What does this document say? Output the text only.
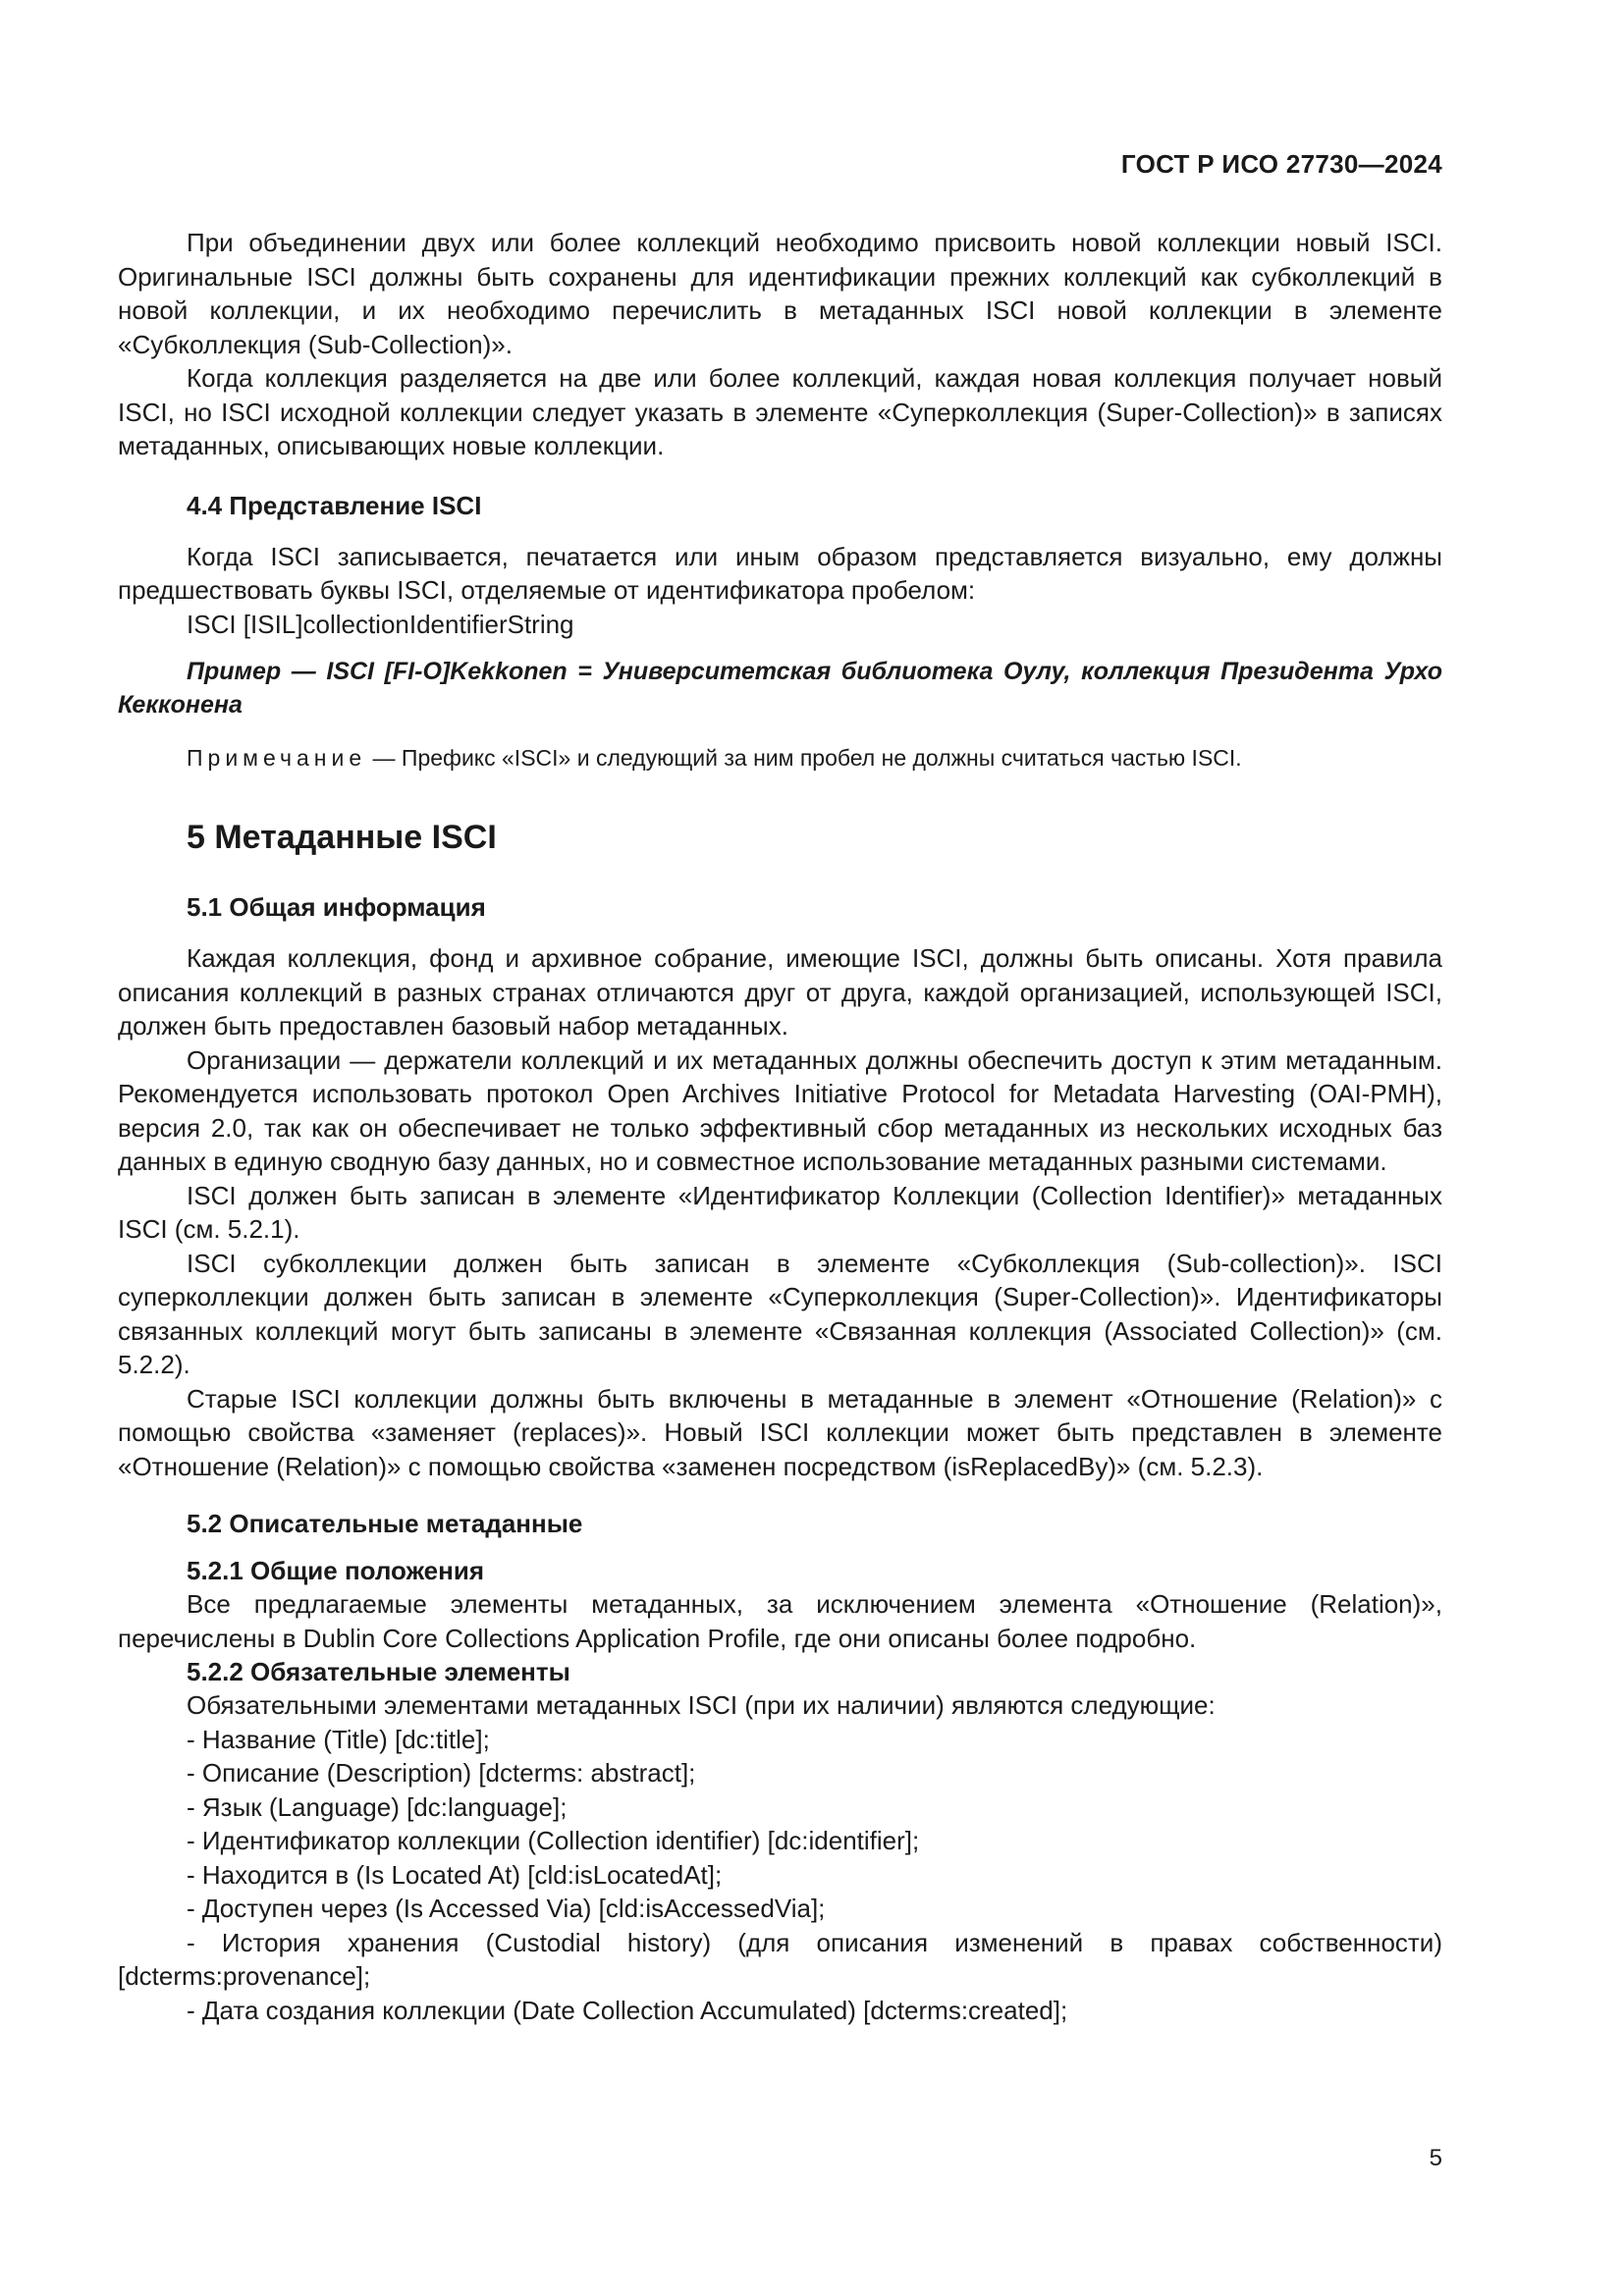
ГОСТ Р ИСО 27730—2024

При объединении двух или более коллекций необходимо присвоить новой коллекции новый ISCI. Оригинальные ISCI должны быть сохранены для идентификации прежних коллекций как субколлекций в новой коллекции, и их необходимо перечислить в метаданных ISCI новой коллекции в элементе «Субколлекция (Sub-Collection)».

Когда коллекция разделяется на две или более коллекций, каждая новая коллекция получает новый ISCI, но ISCI исходной коллекции следует указать в элементе «Суперколлекция (Super-Collection)» в записях метаданных, описывающих новые коллекции.

4.4 Представление ISCI

Когда ISCI записывается, печатается или иным образом представляется визуально, ему должны предшествовать буквы ISCI, отделяемые от идентификатора пробелом:

ISCI [ISIL]collectionIdentifierString

Пример — ISCI [FI-O]Kekkonen = Университетская библиотека Оулу, коллекция Президента Урхо Кекконена

Примечание — Префикс «ISCI» и следующий за ним пробел не должны считаться частью ISCI.

5 Метаданные ISCI
5.1 Общая информация

Каждая коллекция, фонд и архивное собрание, имеющие ISCI, должны быть описаны. Хотя правила описания коллекций в разных странах отличаются друг от друга, каждой организацией, использующей ISCI, должен быть предоставлен базовый набор метаданных.

Организации — держатели коллекций и их метаданных должны обеспечить доступ к этим метаданным. Рекомендуется использовать протокол Open Archives Initiative Protocol for Metadata Harvesting (OAI-PMH), версия 2.0, так как он обеспечивает не только эффективный сбор метаданных из нескольких исходных баз данных в единую сводную базу данных, но и совместное использование метаданных разными системами.

ISCI должен быть записан в элементе «Идентификатор Коллекции (Collection Identifier)» метаданных ISCI (см. 5.2.1).

ISCI субколлекции должен быть записан в элементе «Субколлекция (Sub-collection)». ISCI суперколлекции должен быть записан в элементе «Суперколлекция (Super-Collection)». Идентификаторы связанных коллекций могут быть записаны в элементе «Связанная коллекция (Associated Collection)» (см. 5.2.2).

Старые ISCI коллекции должны быть включены в метаданные в элемент «Отношение (Relation)» с помощью свойства «заменяет (replaces)». Новый ISCI коллекции может быть представлен в элементе «Отношение (Relation)» с помощью свойства «заменен посредством (isReplacedBy)» (см. 5.2.3).

5.2 Описательные метаданные
5.2.1 Общие положения

Все предлагаемые элементы метаданных, за исключением элемента «Отношение (Relation)», перечислены в Dublin Core Collections Application Profile, где они описаны более подробно.

5.2.2 Обязательные элементы

Обязательными элементами метаданных ISCI (при их наличии) являются следующие:

- Название (Title) [dc:title];

- Описание (Description) [dcterms: abstract];

- Язык (Language) [dc:language];

- Идентификатор коллекции (Collection identifier) [dc:identifier];

- Находится в (Is Located At) [cld:isLocatedAt];

- Доступен через (Is Accessed Via) [cld:isAccessedVia];

- История хранения (Custodial history) (для описания изменений в правах собственности) [dcterms:provenance];

- Дата создания коллекции (Date Collection Accumulated) [dcterms:created];

5
